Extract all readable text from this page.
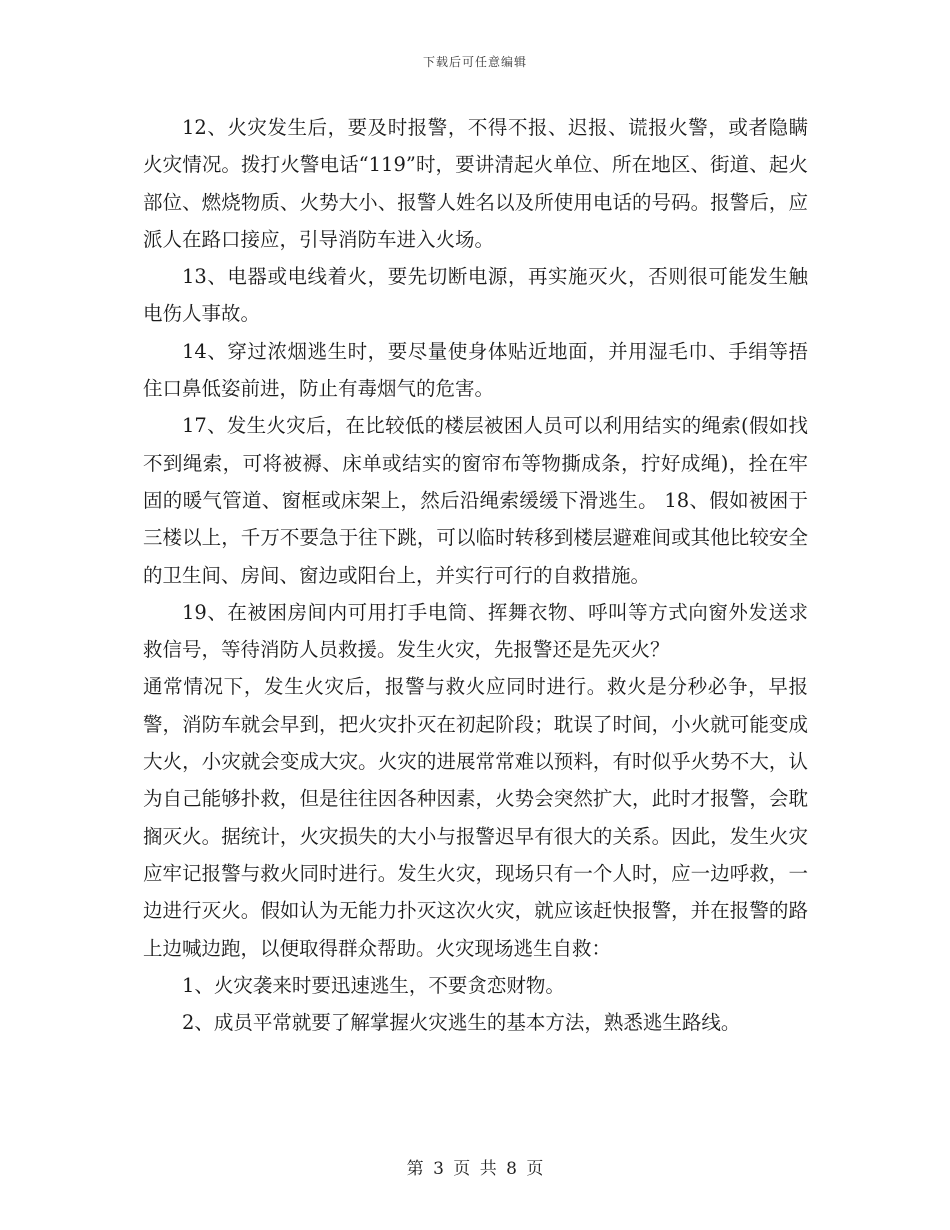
下载后可任意编辑

12、火灾发生后，要及时报警，不得不报、迟报、谎报火警，或者隐瞒火灾情况。拨打火警电话“119”时，要讲清起火单位、所在地区、街道、起火部位、燃烧物质、火势大小、报警人姓名以及所使用电话的号码。报警后，应派人在路口接应，引导消防车进入火场。

13、电器或电线着火，要先切断电源，再实施灭火，否则很可能发生触电伤人事故。

14、穿过浓烟逃生时，要尽量使身体贴近地面，并用湿毛巾、手绢等捂住口鼻低姿前进，防止有毒烟气的危害。

17、发生火灾后，在比较低的楼层被困人员可以利用结实的绳索(假如找不到绳索，可将被褥、床单或结实的窗帘布等物撕成条，拧好成绳)，拴在牢固的暖气管道、窗框或床架上，然后沿绳索缓缓下滑逃生。 18、假如被困于三楼以上，千万不要急于往下跳，可以临时转移到楼层避难间或其他比较安全的卫生间、房间、窗边或阳台上，并实行可行的自救措施。

19、在被困房间内可用打手电筒、挥舞衣物、呼叫等方式向窗外发送求救信号，等待消防人员救援。发生火灾，先报警还是先灭火？

通常情况下，发生火灾后，报警与救火应同时进行。救火是分秒必争，早报警，消防车就会早到，把火灾扑灭在初起阶段；耽误了时间，小火就可能变成大火，小灾就会变成大灾。火灾的进展常常难以预料，有时似乎火势不大，认为自己能够扑救，但是往往因各种因素，火势会突然扩大，此时才报警，会耽搁灭火。据统计，火灾损失的大小与报警迟早有很大的关系。因此，发生火灾应牢记报警与救火同时进行。发生火灾，现场只有一个人时，应一边呼救，一边进行灭火。假如认为无能力扑灭这次火灾，就应该赶快报警，并在报警的路上边喊边跑，以便取得群众帮助。火灾现场逃生自救：

1、火灾袭来时要迅速逃生，不要贪恋财物。

2、成员平常就要了解掌握火灾逃生的基本方法，熟悉逃生路线。

第 3 页 共 8 页
